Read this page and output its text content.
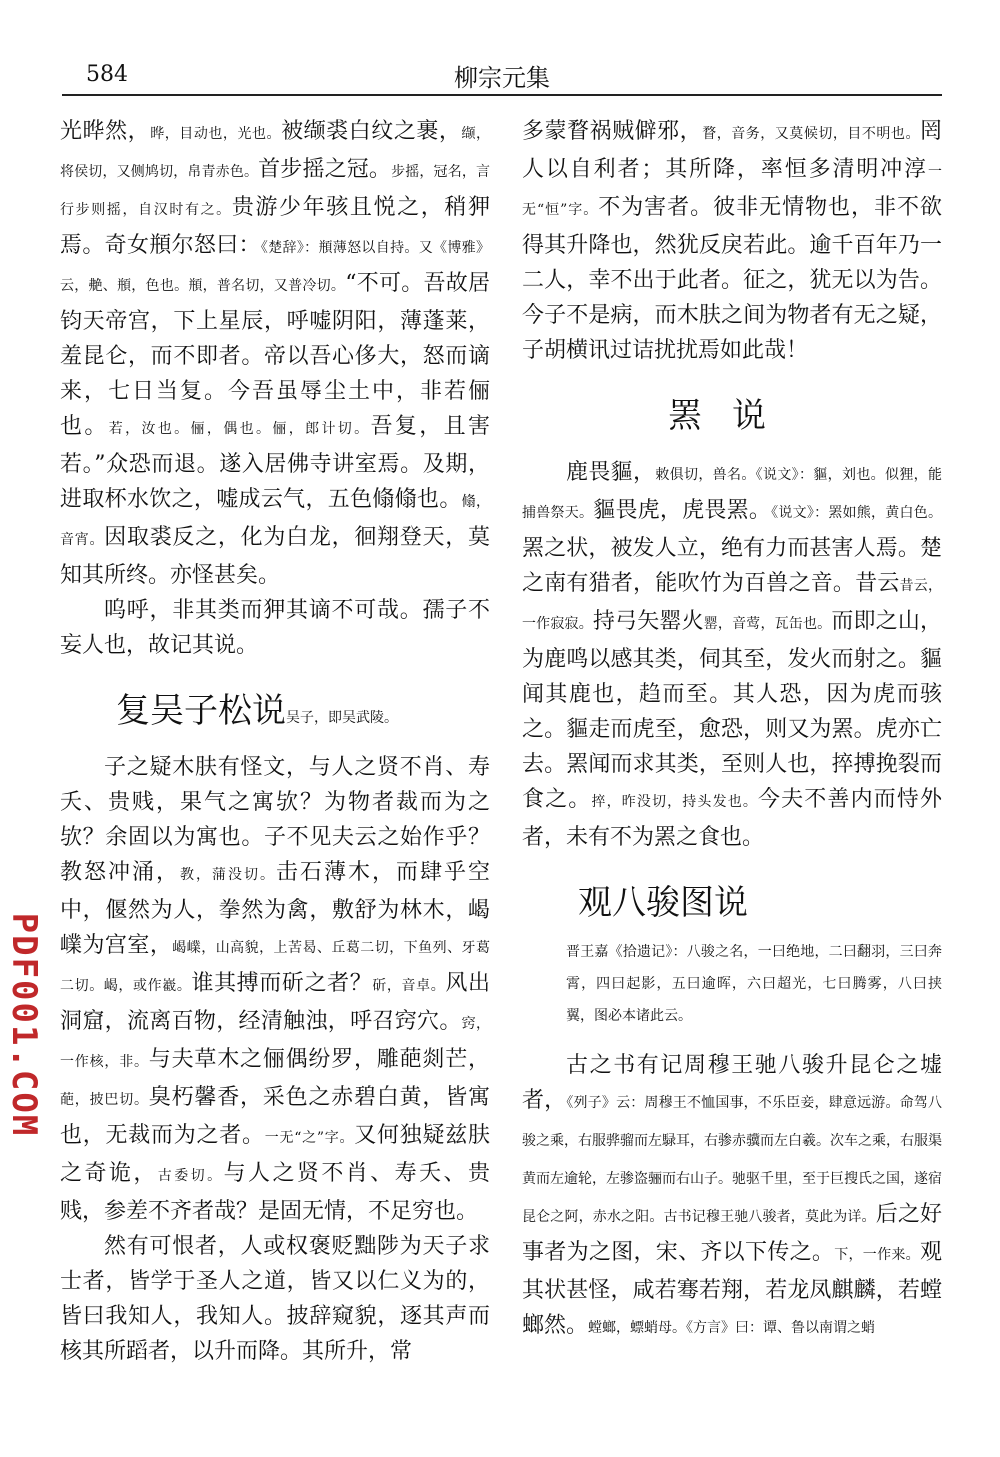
584	柳宗元集

光晔然，晔，目动也，光也。被缬裘白纹之裹，缬，将侯切，又侧鸠切，帛青赤色。首步摇之冠。步摇，冠名，言行步则摇，自汉时有之。贵游少年骇且悦之，稍狎焉。奇女頩尔怒曰：《楚辞》：頩薄怒以自持。又《博雅》云，艴、頩，色也。頩，普名切，又普冷切。“不可。吾故居钧天帝宫，下上星辰，呼嘘阴阳，薄蓬莱，羞昆仑，而不即者。帝以吾心侈大，怒而谪来，七日当复。今吾虽辱尘土中，非若俪也。若，汝也。俪，偶也。俪，郎计切。吾复，且害若。”众恐而退。遂入居佛寺讲室焉。及期，进取杯水饮之，嘘成云气，五色翛翛也。翛，音宵。因取裘反之，化为白龙，徊翔登天，莫知其所终。亦怪甚矣。

呜呼，非其类而狎其谪不可哉。孺子不妄人也，故记其说。

复吴子松说吴子，即吴武陵。

子之疑木肤有怪文，与人之贤不肖、寿夭、贵贱，果气之寓欤？为物者裁而为之欤？余固以为寓也。子不见夫云之始作乎？教怒冲涌，教，蒲没切。击石薄木，而肆乎空中，偃然为人，拳然为禽，敷舒为林木，嵑嶫为宫室，嵑嶫，山高貌，上苦曷、丘葛二切，下鱼列、牙葛二切。嵑，或作嶻。谁其搏而斫之者？斫，音卓。风出洞窟，流离百物，经清触浊，呼召窍穴。窍，一作核，非。与夫草木之俪偶纷罗，雕葩剡芒，葩，披巴切。臭朽馨香，采色之赤碧白黄，皆寓也，无裁而为之者。一无“之”字。又何独疑兹肤之奇诡，古委切。与人之贤不肖、寿夭、贵贱，参差不齐者哉？是固无情，不足穷也。

然有可恨者，人或权褒贬黜陟为天子求士者，皆学于圣人之道，皆又以仁义为的，皆曰我知人，我知人。披辞窥貌，逐其声而核其所蹈者，以升而降。其所升，常

多蒙瞀祸贼僻邪，瞀，音务，又莫候切，目不明也。罔人以自利者；其所降，率恒多清明冲淳一无“恒”字。不为害者。彼非无情物也，非不欲得其升降也，然犹反戾若此。逾千百年乃一二人，幸不出于此者。征之，犹无以为告。今子不是病，而木肤之间为物者有无之疑，子胡横讯过诘扰扰焉如此哉！

罴说

鹿畏貙，敕俱切，兽名。《说文》：貙，刘也。似狸，能捕兽祭天。貙畏虎，虎畏罴。《说文》：罴如熊，黄白色。罴之状，被发人立，绝有力而甚害人焉。楚之南有猎者，能吹竹为百兽之音。昔云昔云，一作寂寂。持弓矢罂火罂，音莺，瓦缶也。而即之山，为鹿鸣以感其类，伺其至，发火而射之。貙闻其鹿也，趋而至。其人恐，因为虎而骇之。貙走而虎至，愈恐，则又为罴。虎亦亡去。罴闻而求其类，至则人也，捽搏挽裂而食之。捽，昨没切，持头发也。今夫不善内而恃外者，未有不为罴之食也。

观八骏图说
晋王嘉《拾遗记》：八骏之名，一曰绝地，二曰翻羽，三曰奔霄，四曰起影，五曰逾晖，六曰超光，七曰腾雾，八曰挟翼，图必本诸此云。

古之书有记周穆王驰八骏升昆仑之墟者，《列子》云：周穆王不恤国事，不乐臣妾，肆意远游。命驾八骏之乘，右服骅骝而左騄耳，右骖赤骥而左白羲。次车之乘，右服渠黄而左逾轮，左骖盗骊而右山子。驰驱千里，至于巨搜氏之国，遂宿昆仑之阿，赤水之阳。古书记穆王驰八骏者，莫此为详。后之好事者为之图，宋、齐以下传之。下，一作来。观其状甚怪，咸若骞若翔，若龙凤麒麟，若螳螂然。螳螂，螵蛸母。《方言》曰：谭、鲁以南谓之蛸

PDF001.COM
